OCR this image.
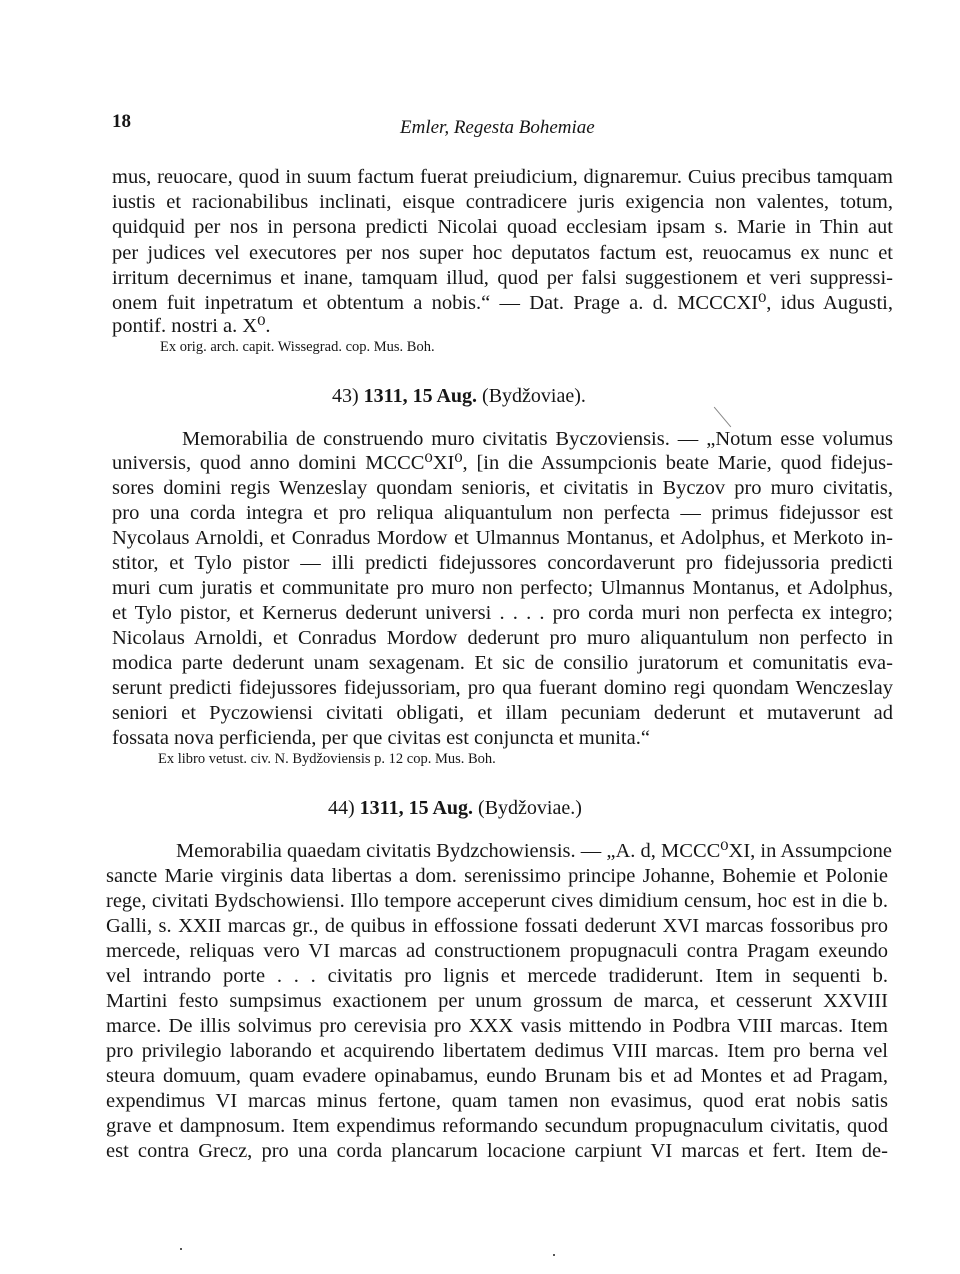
18	Emler, Regesta Bohemiae
mus, reuocare, quod in suum factum fuerat preiudicium, dignaremur. Cuius precibus tamquam
iustis et racionabilibus inclinati, eisque contradicere juris exigencia non valentes, totum,
quidquid per nos in persona predicti Nicolai quoad ecclesiam ipsam s. Marie in Thin aut
per judices vel executores per nos super hoc deputatos factum est, reuocamus ex nunc et
irritum decernimus et inane, tamquam illud, quod per falsi suggestionem et veri suppressi-
onem fuit inpetratum et obtentum a nobis.“ — Dat. Prage a. d. MCCCXI⁰, idus Augusti,
pontif. nostri a. X⁰.
Ex orig. arch. capit. Wissegrad. cop. Mus. Boh.
43) 1311, 15 Aug. (Bydžoviae).
Memorabilia de construendo muro civitatis Byczoviensis. — „Notum esse volumus
universis, quod anno domini MCCC⁰XI⁰, [in die Assumpcionis beate Marie, quod fidejus-
sores domini regis Wenzeslay quondam senioris, et civitatis in Byczov pro muro civitatis,
pro una corda integra et pro reliqua aliquantulum non perfecta — primus fidejussor est
Nycolaus Arnoldi, et Conradus Mordow et Ulmannus Montanus, et Adolphus, et Merkoto in-
stitor, et Tylo pistor — illi predicti fidejussores concordaverunt pro fidejussoria predicti
muri cum juratis et communitate pro muro non perfecto; Ulmannus Montanus, et Adolphus,
et Tylo pistor, et Kernerus dederunt universi . . . . pro corda muri non perfecta ex integro;
Nicolaus Arnoldi, et Conradus Mordow dederunt pro muro aliquantulum non perfecto in
modica parte dederunt unam sexagenam. Et sic de consilio juratorum et comunitatis eva-
serunt predicti fidejussores fidejussoriam, pro qua fuerant domino regi quondam Wenczeslay
seniori et Pyczowiensi civitati obligati, et illam pecuniam dederunt et mutaverunt ad
fossata nova perficienda, per que civitas est conjuncta et munita.“
Ex libro vetust. civ. N. Bydžoviensis p. 12 cop. Mus. Boh.
44) 1311, 15 Aug. (Bydžoviae.)
Memorabilia quaedam civitatis Bydzchowiensis. — „A. d, MCCC⁰XI, in Assumpcione
sancte Marie virginis data libertas a dom. serenissimo principe Johanne, Bohemie et Polonie
rege, civitati Bydschowiensi. Illo tempore acceperunt cives dimidium censum, hoc est in die b.
Galli, s. XXII marcas gr., de quibus in effossione fossati dederunt XVI marcas fossoribus pro
mercede, reliquas vero VI marcas ad constructionem propugnaculi contra Pragam exeundo
vel intrando porte . . . civitatis pro lignis et mercede tradiderunt. Item in sequenti b.
Martini festo sumpsimus exactionem per unum grossum de marca, et cesserunt XXVIII
marce. De illis solvimus pro cerevisia pro XXX vasis mittendo in Podbra VIII marcas. Item
pro privilegio laborando et acquirendo libertatem dedimus VIII marcas. Item pro berna vel
steura domuum, quam evadere opinabamus, eundo Brunam bis et ad Montes et ad Pragam,
expendimus VI marcas minus fertone, quam tamen non evasimus, quod erat nobis satis
grave et dampnosum. Item expendimus reformando secundum propugnaculum civitatis, quod
est contra Grecz, pro una corda plancarum locacione carpiunt VI marcas et fert. Item de-
